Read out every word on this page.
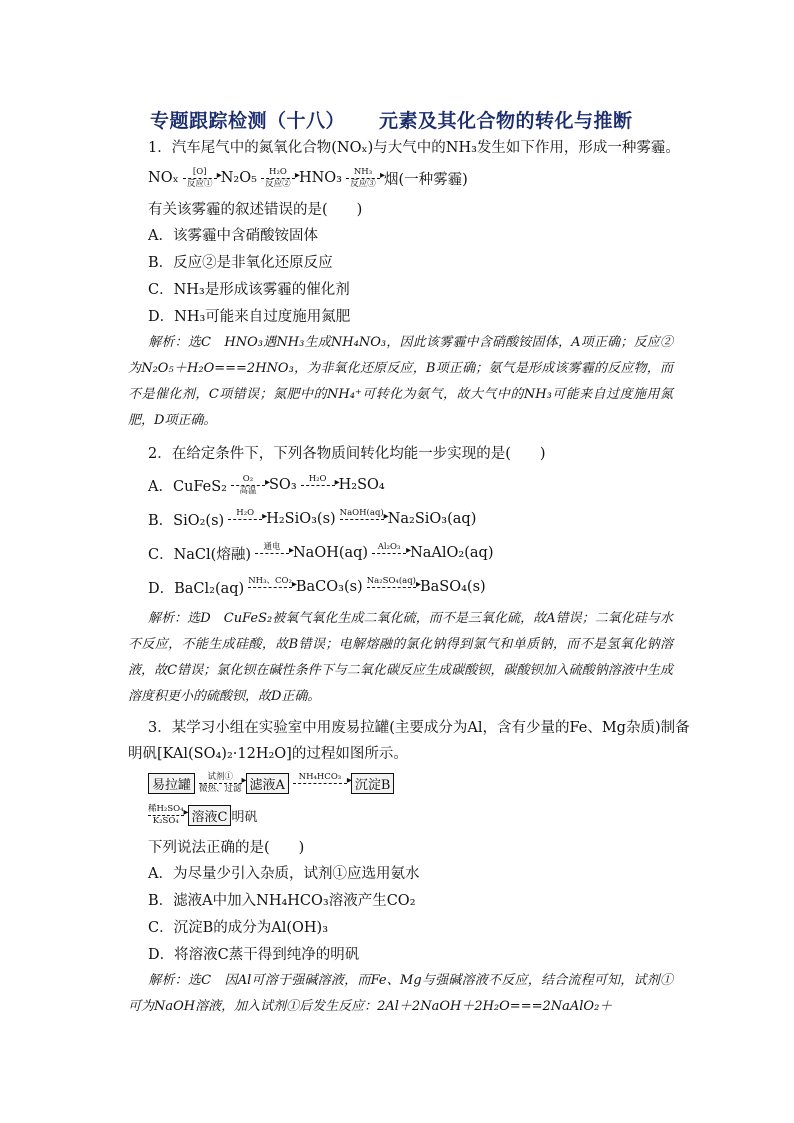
专题跟踪检测（十八） 元素及其化合物的转化与推断
1．汽车尾气中的氮氧化合物(NOₓ)与大气中的NH₃发生如下作用，形成一种雾霾。
NOₓ [O]
▸
反应① N₂O₅ H₂O
▸
反应② HNO₃ NH₃
▸
反应③ 烟(一种雾霾)
有关该雾霾的叙述错误的是(　　)
A．该雾霾中含硝酸铵固体
B．反应②是非氧化还原反应
C．NH₃是形成该雾霾的催化剂
D．NH₃可能来自过度施用氮肥
解析：选C　HNO₃遇NH₃生成NH₄NO₃，因此该雾霾中含硝酸铵固体，A项正确；反应②为N₂O₅＋H₂O===2HNO₃，为非氧化还原反应，B项正确；氨气是形成该雾霾的反应物，而不是催化剂，C项错误；氮肥中的NH₄⁺可转化为氨气，故大气中的NH₃可能来自过度施用氮肥，D项正确。
2．在给定条件下，下列各物质间转化均能一步实现的是(　　)
A．CuFeS₂ O₂
▸
高温 SO₃ H₂O ▸
H₂SO₄
B．SiO₂(s) H₂O ▸
H₂SiO₃(s) NaOH(aq) ▸
Na₂SiO₃(aq)
C．NaCl(熔融) 通电 ▸
NaOH(aq) Al₂O₃ ▸
NaAlO₂(aq)
D．BaCl₂(aq) NH₃、CO₂ ▸
BaCO₃(s) Na₂SO₄(aq) ▸
BaSO₄(s)
解析：选D　CuFeS₂被氧气氧化生成二氧化硫，而不是三氧化硫，故A错误；二氧化硅与水不反应，不能生成硅酸，故B错误；电解熔融的氯化钠得到氯气和单质钠，而不是氢氧化钠溶液，故C错误；氯化钡在碱性条件下与二氧化碳反应生成碳酸钡，碳酸钡加入硫酸钠溶液中生成溶度积更小的硫酸钡，故D正确。
3．某学习小组在实验室中用废易拉罐(主要成分为Al，含有少量的Fe、Mg杂质)制备
明矾[KAl(SO₄)₂·12H₂O]的过程如图所示。
易拉罐
试剂①
▸
微热、过滤 滤液A
NH₄HCO₃
▸

沉淀B
稀H₂SO₄
▸
K₂SO₄ 溶液C 明矾
下列说法正确的是(　　)
A．为尽量少引入杂质，试剂①应选用氨水
B．滤液A中加入NH₄HCO₃溶液产生CO₂
C．沉淀B的成分为Al(OH)₃
D．将溶液C蒸干得到纯净的明矾
解析：选C　因Al可溶于强碱溶液，而Fe、Mg与强碱溶液不反应，结合流程可知，试剂①可为NaOH溶液，加入试剂①后发生反应：2Al＋2NaOH＋2H₂O===2NaAlO₂＋
